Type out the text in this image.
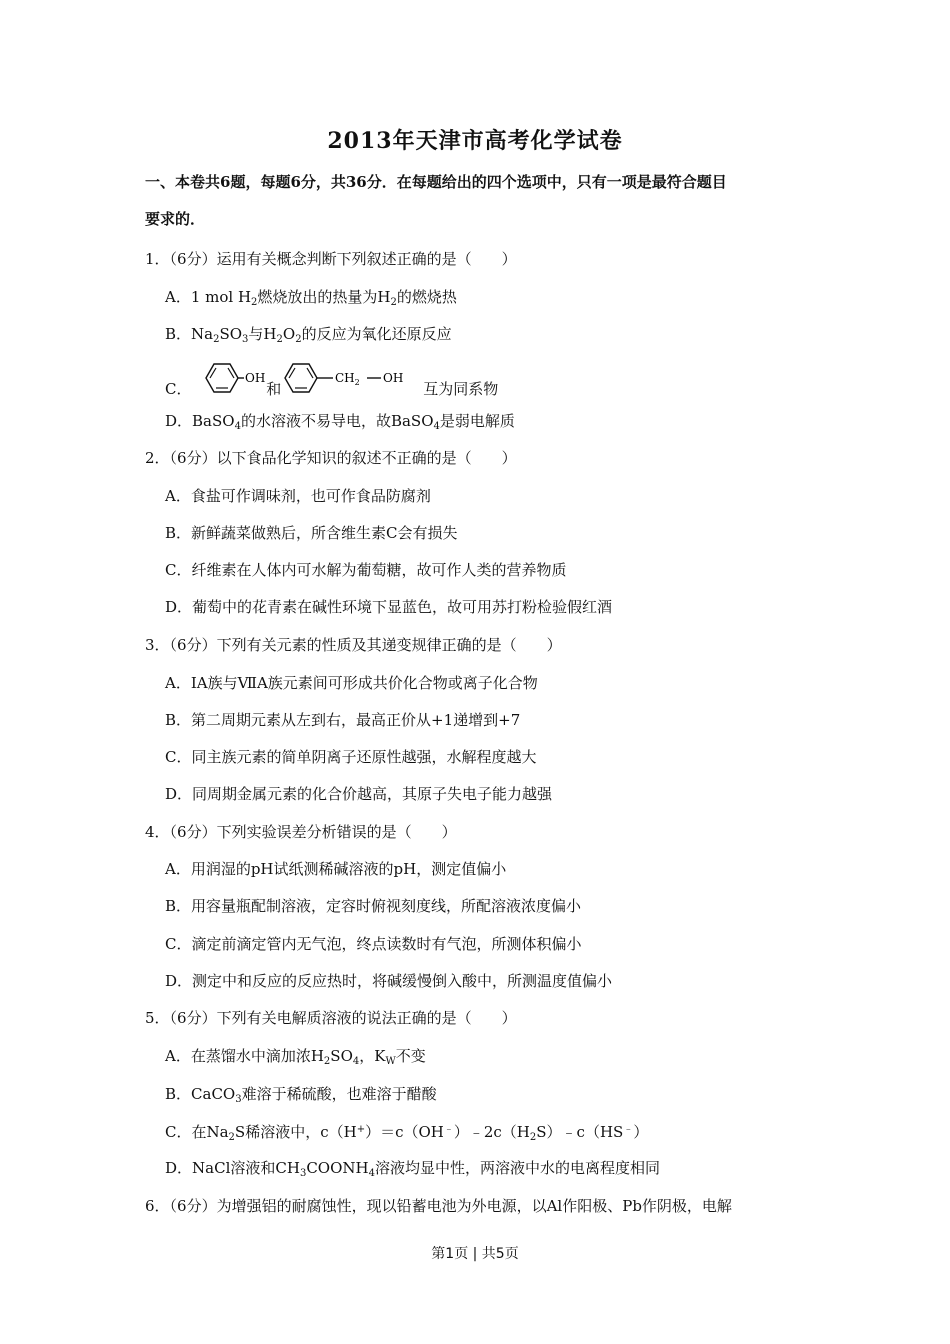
2013年天津市高考化学试卷
一、本卷共6题，每题6分，共36分．在每题给出的四个选项中，只有一项是最符合题目
要求的．
1．（6分）运用有关概念判断下列叙述正确的是（　　）
A．1 mol $H_2$燃烧放出的热量为$H_2$的燃烧热
B．$Na_2SO_3$与$H_2O_2$的反应为氧化还原反应
C．
OH
和
$CH_2$ OH
互为同系物
D．BaSO$_4$的水溶液不易导电，故BaSO$_4$是弱电解质
2．（6分）以下食品化学知识的叙述不正确的是（　　）
A．食盐可作调味剂，也可作食品防腐剂
B．新鲜蔬菜做熟后，所含维生素C会有损失
C．纤维素在人体内可水解为葡萄糖，故可作人类的营养物质
D．葡萄中的花青素在碱性环境下显蓝色，故可用苏打粉检验假红酒
3．（6分）下列有关元素的性质及其递变规律正确的是（　　）
A．ⅠA族与ⅦA族元素间可形成共价化合物或离子化合物
B．第二周期元素从左到右，最高正价从+1递增到+7
C．同主族元素的简单阴离子还原性越强，水解程度越大
D．同周期金属元素的化合价越高，其原子失电子能力越强
4．（6分）下列实验误差分析错误的是（　　）
A．用润湿的pH试纸测稀碱溶液的pH，测定值偏小
B．用容量瓶配制溶液，定容时俯视刻度线，所配溶液浓度偏小
C．滴定前滴定管内无气泡，终点读数时有气泡，所测体积偏小
D．测定中和反应的反应热时，将碱缓慢倒入酸中，所测温度值偏小
5．（6分）下列有关电解质溶液的说法正确的是（　　）
A．在蒸馏水中滴加浓$H_2SO_4$，$K_W$不变
B．CaCO$_3$难溶于稀硫酸，也难溶于醋酸
C．在$Na_2S$稀溶液中，$c(H^+)=c(OH^﹣)﹣2c(H_2S)﹣c(HS^﹣)$
D．NaCl溶液和$CH_3COONH_4$溶液均显中性，两溶液中水的电离程度相同
6．（6分）为增强铝的耐腐蚀性，现以铅蓄电池为外电源，以Al作阳极、Pb作阴极，电解
第1页 | 共5页
